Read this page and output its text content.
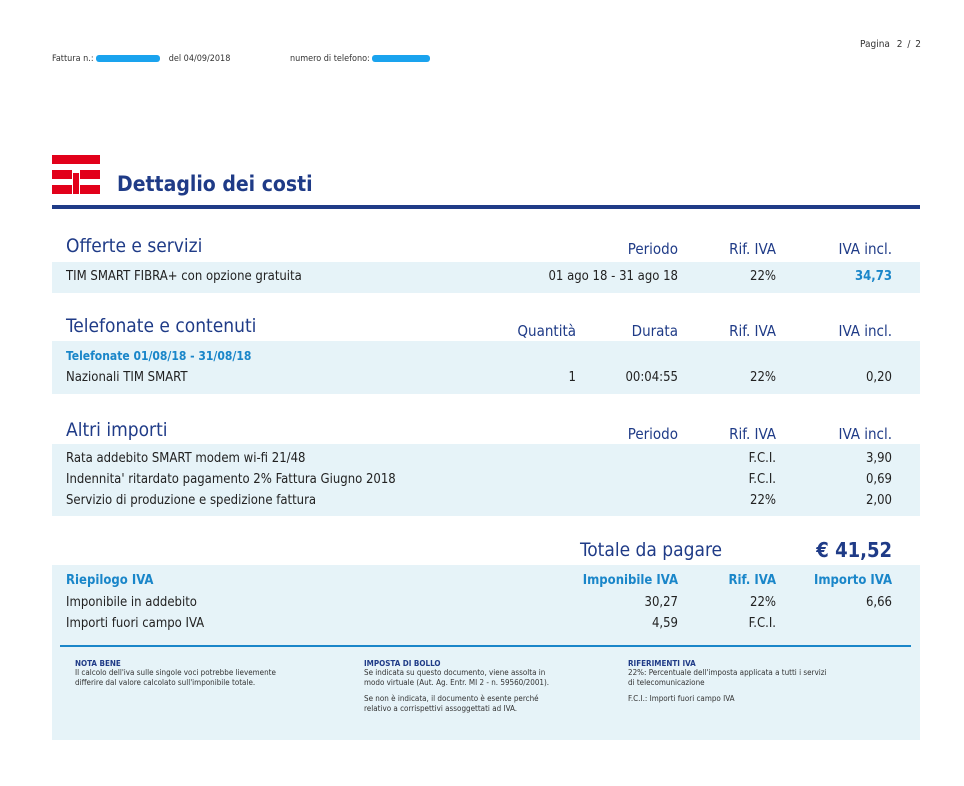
Fattura n.:	del 04/09/2018	numero di telefono:
Pagina 2 / 2
Dettaglio dei costi
Offerte e servizi	Periodo	Rif. IVA	IVA incl.
TIM SMART FIBRA+ con opzione gratuita	01 ago 18 - 31 ago 18	22%	34,73
Telefonate e contenuti	Quantità	Durata	Rif. IVA	IVA incl.
Telefonate 01/08/18 - 31/08/18
Nazionali TIM SMART	1	00:04:55	22%	0,20
Altri importi	Periodo	Rif. IVA	IVA incl.
Rata addebito SMART modem wi-fi 21/48	F.C.I.	3,90
Indennita' ritardato pagamento 2% Fattura Giugno 2018	F.C.I.	0,69
Servizio di produzione e spedizione fattura	22%	2,00
Totale da pagare	€ 41,52
Riepilogo IVA	Imponibile IVA	Rif. IVA	Importo IVA
Imponibile in addebito	30,27	22%	6,66
Importi fuori campo IVA	4,59	F.C.I.
NOTA BENE
Il calcolo dell'iva sulle singole voci potrebbe lievemente
differire dal valore calcolato sull'imponibile totale.
IMPOSTA DI BOLLO
Se indicata su questo documento, viene assolta in
modo virtuale (Aut. Ag. Entr. MI 2 - n. 59560/2001).
Se non è indicata, il documento è esente perché
relativo a corrispettivi assoggettati ad IVA.
RIFERIMENTI IVA
22%: Percentuale dell'imposta applicata a tutti i servizi
di telecomunicazione
F.C.I.: Importi fuori campo IVA
